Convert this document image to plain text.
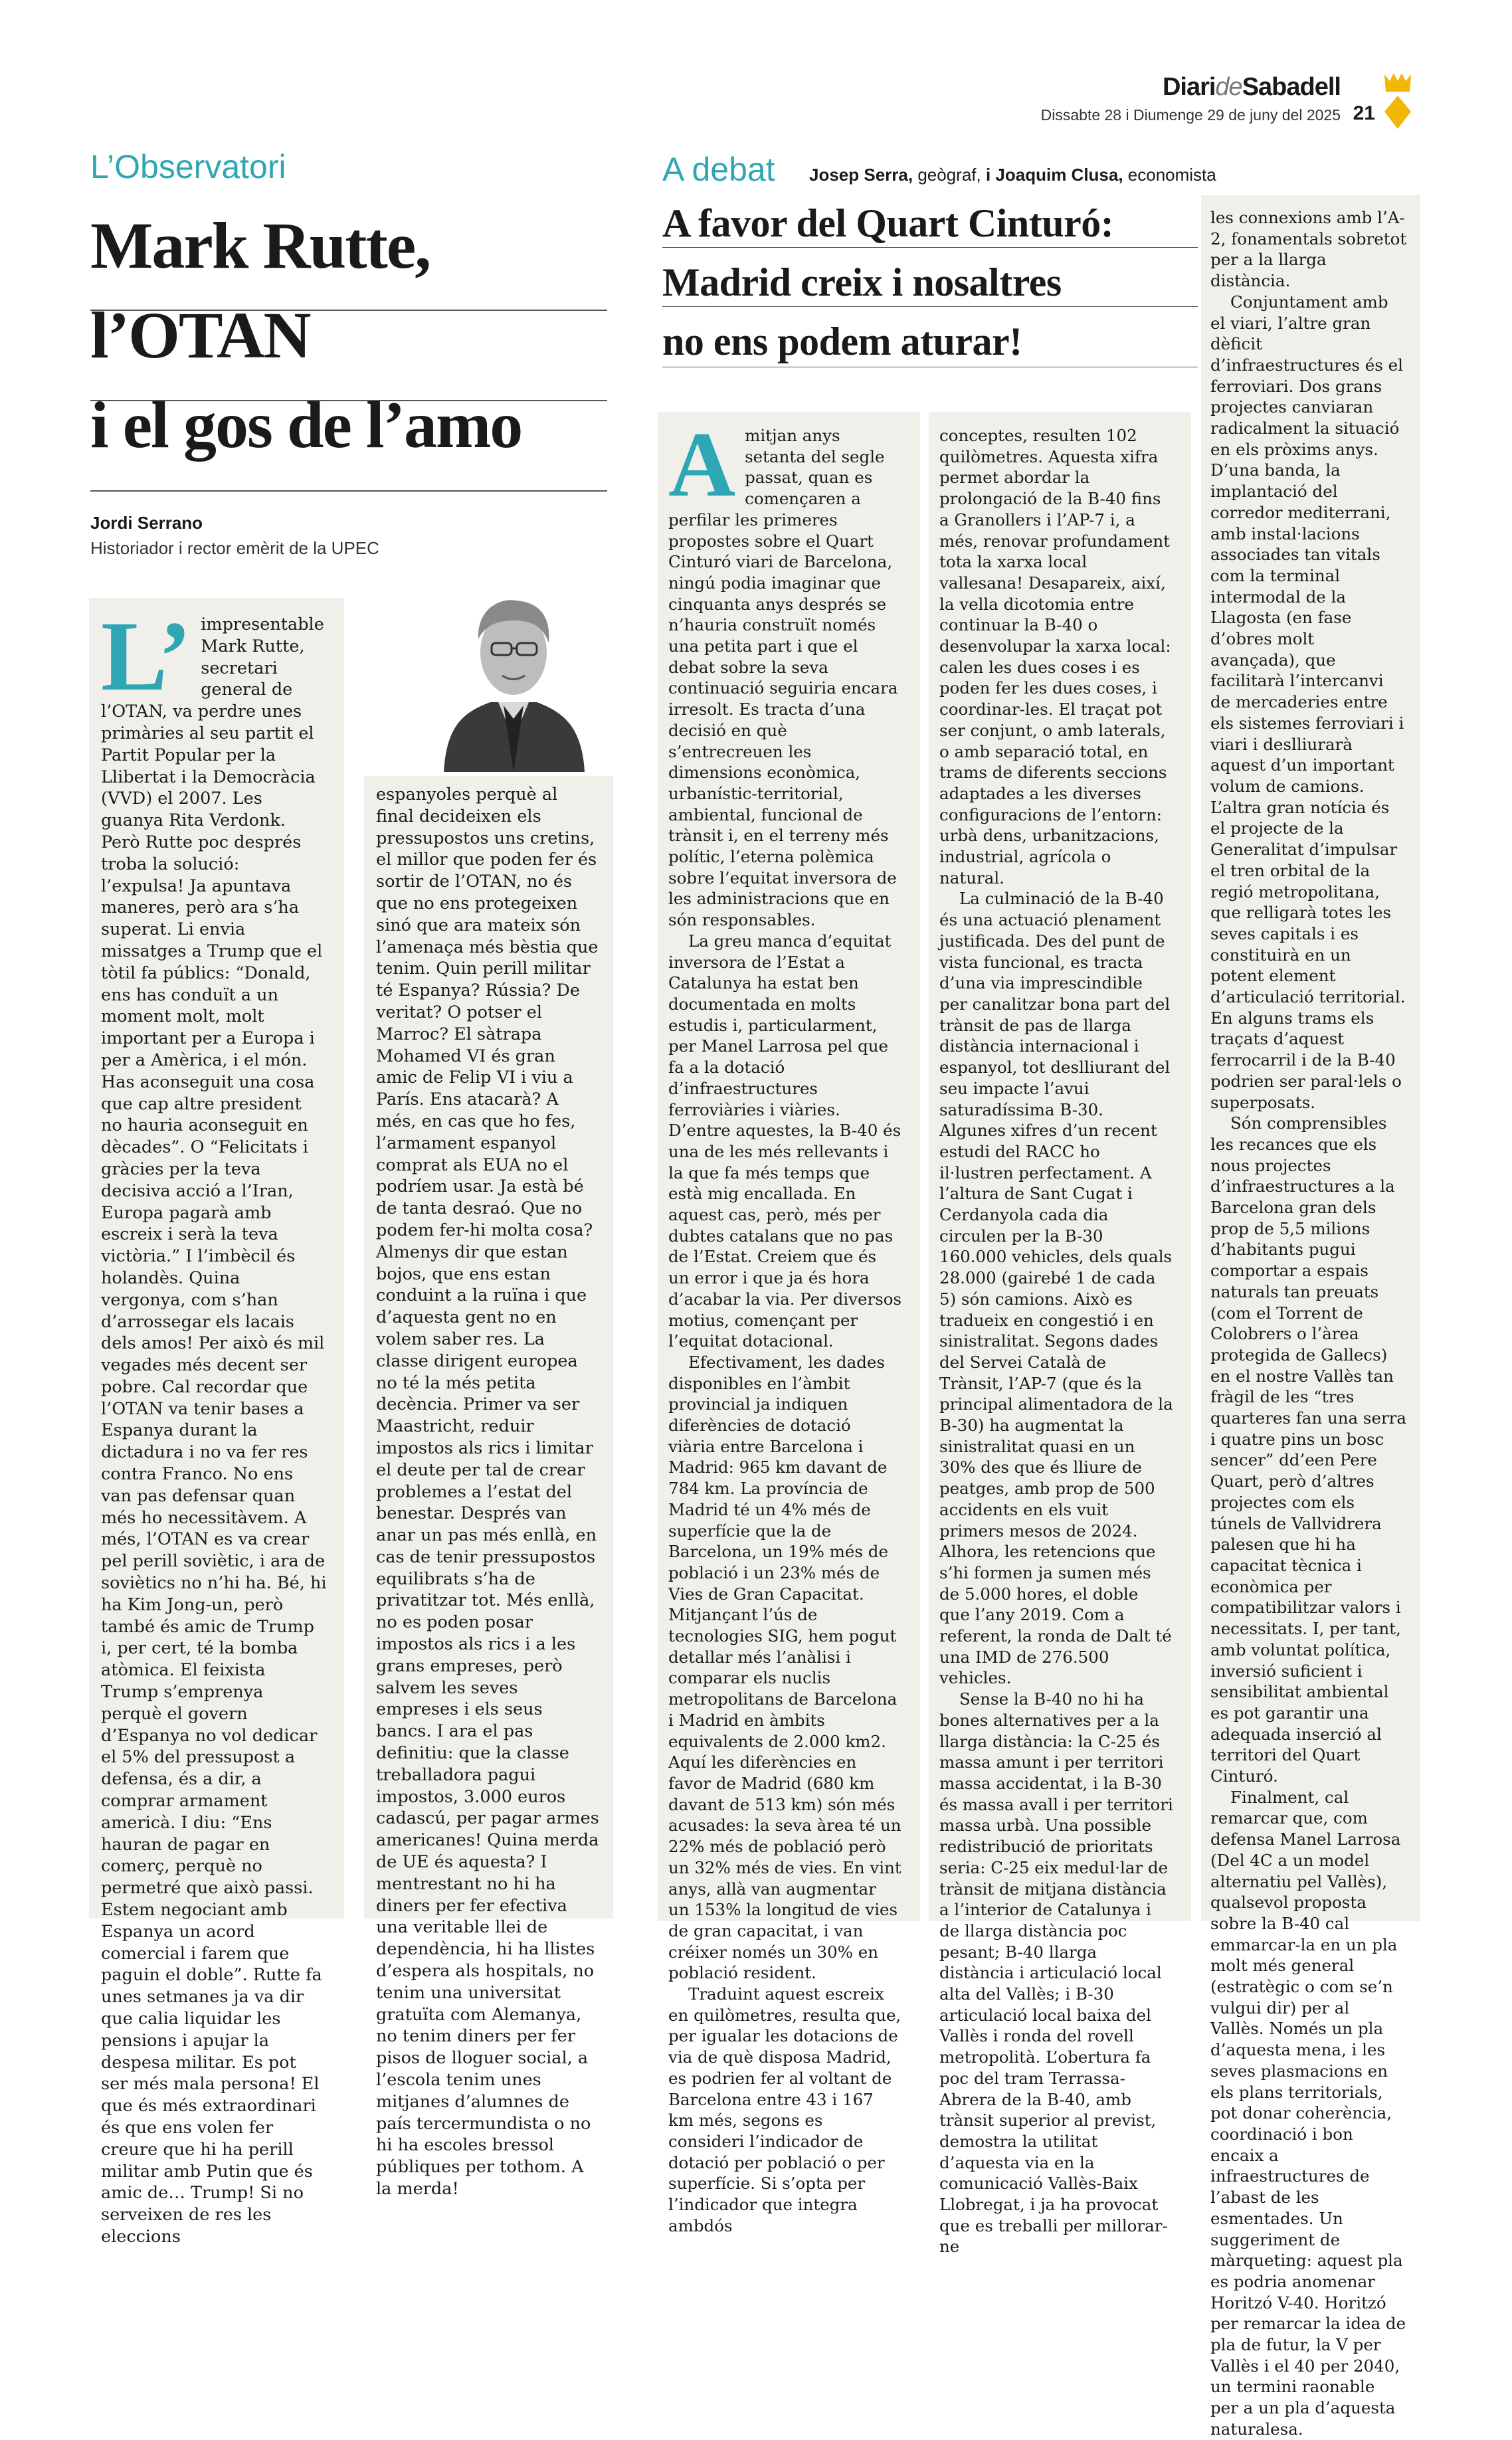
DiarideSabadell
Dissabte 28 i Diumenge 29 de juny del 2025 21
L’Observatori
Mark Rutte,
l’OTAN
i el gos de l’amo
Jordi Serrano
Historiador i rector emèrit de la UPEC

L’ impresentable Mark Rutte, secretari general de l’OTAN, va perdre unes primàries al seu partit el Partit Popular per la Llibertat i la Democràcia (VVD) el 2007. Les guanya Rita Verdonk. Però Rutte poc després troba la solució: l’expulsa! Ja apuntava maneres, però ara s’ha superat. Li envia missatges a Trump que el tòtil fa públics: “Donald, ens has conduït a un moment molt, molt important per a Europa i per a Amèrica, i el món. Has aconseguit una cosa que cap altre president no hauria aconseguit en dècades”. O “Felicitats i gràcies per la teva decisiva acció a l’Iran, Europa pagarà amb escreix i serà la teva victòria.” I l’imbècil és holandès. Quina vergonya, com s’han d’arrossegar els lacais dels amos! Per això és mil vegades més decent ser pobre. Cal recordar que l’OTAN va tenir bases a Espanya durant la dictadura i no va fer res contra Franco. No ens van pas defensar quan més ho necessitàvem. A més, l’OTAN es va crear pel perill soviètic, i ara de soviètics no n’hi ha. Bé, hi ha Kim Jong-un, però també és amic de Trump i, per cert, té la bomba atòmica. El feixista Trump s’emprenya perquè el govern d’Espanya no vol dedicar el 5% del pressupost a defensa, és a dir, a comprar armament americà. I diu: “Ens hauran de pagar en comerç, perquè no permetré que això passi. Estem negociant amb Espanya un acord comercial i farem que paguin el doble”. Rutte fa unes setmanes ja va dir que calia liquidar les pensions i apujar la despesa militar. Es pot ser més mala persona! El que és més extraordinari és que ens volen fer creure que hi ha perill militar amb Putin que és amic de… Trump! Si no serveixen de res les eleccions

espanyoles perquè al final decideixen els pressupostos uns cretins, el millor que poden fer és sortir de l’OTAN, no és que no ens protegeixen sinó que ara mateix són l’amenaça més bèstia que tenim. Quin perill militar té Espanya? Rússia? De veritat? O potser el Marroc? El sàtrapa Mohamed VI és gran amic de Felip VI i viu a París. Ens atacarà? A més, en cas que ho fes, l’armament espanyol comprat als EUA no el podríem usar. Ja està bé de tanta desraó. Que no podem fer-hi molta cosa? Almenys dir que estan bojos, que ens estan conduint a la ruïna i que d’aquesta gent no en volem saber res. La classe dirigent europea no té la més petita decència. Primer va ser Maastricht, reduir impostos als rics i limitar el deute per tal de crear problemes a l’estat del benestar. Després van anar un pas més enllà, en cas de tenir pressupostos equilibrats s’ha de privatitzar tot. Més enllà, no es poden posar impostos als rics i a les grans empreses, però salvem les seves empreses i els seus bancs. I ara el pas definitiu: que la classe treballadora pagui impostos, 3.000 euros cadascú, per pagar armes americanes! Quina merda de UE és aquesta? I mentrestant no hi ha diners per fer efectiva una veritable llei de dependència, hi ha llistes d’espera als hospitals, no tenim una universitat gratuïta com Alemanya, no tenim diners per fer pisos de lloguer social, a l’escola tenim unes mitjanes d’alumnes de país tercermundista o no hi ha escoles bressol públiques per tothom. A la merda!

A debat Josep Serra, geògraf, i Joaquim Clusa, economista
A favor del Quart Cinturó:
Madrid creix i nosaltres
no ens podem aturar!

Amitjan anys setanta del segle passat, quan es començaren a perfilar les primeres propostes sobre el Quart Cinturó viari de Barcelona, ningú podia imaginar que cinquanta anys després se n’hauria construït només una petita part i que el debat sobre la seva continuació seguiria encara irresolt. Es tracta d’una decisió en què s’entrecreuen les dimensions econòmica, urbanístic-territorial, ambiental, funcional de trànsit i, en el terreny més polític, l’eterna polèmica sobre l’equitat inversora de les administracions que en són responsables.

La greu manca d’equitat inversora de l’Estat a Catalunya ha estat ben documentada en molts estudis i, particularment, per Manel Larrosa pel que fa a la dotació d’infraestructures ferroviàries i viàries. D’entre aquestes, la B-40 és una de les més rellevants i la que fa més temps que està mig encallada. En aquest cas, però, més per dubtes catalans que no pas de l’Estat. Creiem que és un error i que ja és hora d’acabar la via. Per diversos motius, començant per l’equitat dotacional.

Efectivament, les dades disponibles en l’àmbit provincial ja indiquen diferències de dotació viària entre Barcelona i Madrid: 965 km davant de 784 km. La província de Madrid té un 4% més de superfície que la de Barcelona, un 19% més de població i un 23% més de Vies de Gran Capacitat. Mitjançant l’ús de tecnologies SIG, hem pogut detallar més l’anàlisi i comparar els nuclis metropolitans de Barcelona i Madrid en àmbits equivalents de 2.000 km2. Aquí les diferències en favor de Madrid (680 km davant de 513 km) són més acusades: la seva àrea té un 22% més de població però un 32% més de vies. En vint anys, allà van augmentar un 153% la longitud de vies de gran capacitat, i van créixer només un 30% en població resident.

Traduint aquest escreix en quilòmetres, resulta que, per igualar les dotacions de via de què disposa Madrid, es podrien fer al voltant de Barcelona entre 43 i 167 km més, segons es consideri l’indicador de dotació per població o per superfície. Si s’opta per l’indicador que integra ambdós

conceptes, resulten 102 quilòmetres. Aquesta xifra permet abordar la prolongació de la B-40 fins a Granollers i l’AP-7 i, a més, renovar profundament tota la xarxa local vallesana! Desapareix, així, la vella dicotomia entre continuar la B-40 o desenvolupar la xarxa local: calen les dues coses i es poden fer les dues coses, i coordinar-les. El traçat pot ser conjunt, o amb laterals, o amb separació total, en trams de diferents seccions adaptades a les diverses configuracions de l’entorn: urbà dens, urbanitzacions, industrial, agrícola o natural.

La culminació de la B-40 és una actuació plenament justificada. Des del punt de vista funcional, es tracta d’una via imprescindible per canalitzar bona part del trànsit de pas de llarga distància internacional i espanyol, tot deslliurant del seu impacte l’avui saturadíssima B-30. Algunes xifres d’un recent estudi del RACC ho il·lustren perfectament. A l’altura de Sant Cugat i Cerdanyola cada dia circulen per la B-30 160.000 vehicles, dels quals 28.000 (gairebé 1 de cada 5) són camions. Això es tradueix en congestió i en sinistralitat. Segons dades del Servei Català de Trànsit, l’AP-7 (que és la principal alimentadora de la B-30) ha augmentat la sinistralitat quasi en un 30% des que és lliure de peatges, amb prop de 500 accidents en els vuit primers mesos de 2024. Alhora, les retencions que s’hi formen ja sumen més de 5.000 hores, el doble que l’any 2019. Com a referent, la ronda de Dalt té una IMD de 276.500 vehicles.

Sense la B-40 no hi ha bones alternatives per a la llarga distància: la C-25 és massa amunt i per territori massa accidentat, i la B-30 és massa avall i per territori massa urbà. Una possible redistribució de prioritats seria: C-25 eix medul·lar de trànsit de mitjana distància a l’interior de Catalunya i de llarga distància poc pesant; B-40 llarga distància i articulació local alta del Vallès; i B-30 articulació local baixa del Vallès i ronda del rovell metropolità. L’obertura fa poc del tram Terrassa-Abrera de la B-40, amb trànsit superior al previst, demostra la utilitat d’aquesta via en la comunicació Vallès-Baix Llobregat, i ja ha provocat que es treballi per millorar-ne

les connexions amb l’A-2, fonamentals sobretot per a la llarga distància.

Conjuntament amb el viari, l’altre gran dèficit d’infraestructures és el ferroviari. Dos grans projectes canviaran radicalment la situació en els pròxims anys. D’una banda, la implantació del corredor mediterrani, amb instal·lacions associades tan vitals com la terminal intermodal de la Llagosta (en fase d’obres molt avançada), que facilitarà l’intercanvi de mercaderies entre els sistemes ferroviari i viari i deslliurarà aquest d’un important volum de camions. L’altra gran notícia és el projecte de la Generalitat d’impulsar el tren orbital de la regió metropolitana, que relligarà totes les seves capitals i es constituirà en un potent element d’articulació territorial. En alguns trams els traçats d’aquest ferrocarril i de la B-40 podrien ser paral·lels o superposats.

Són comprensibles les recances que els nous projectes d’infraestructures a la Barcelona gran dels prop de 5,5 milions d’habitants pugui comportar a espais naturals tan preuats (com el Torrent de Colobrers o l’àrea protegida de Gallecs) en el nostre Vallès tan fràgil de les “tres quarteres fan una serra i quatre pins un bosc sencer” dd’een Pere Quart, però d’altres projectes com els túnels de Vallvidrera palesen que hi ha capacitat tècnica i econòmica per compatibilitzar valors i necessitats. I, per tant, amb voluntat política, inversió suficient i sensibilitat ambiental es pot garantir una adequada inserció al territori del Quart Cinturó.

Finalment, cal remarcar que, com defensa Manel Larrosa (Del 4C a un model alternatiu pel Vallès), qualsevol proposta sobre la B-40 cal emmarcar-la en un pla molt més general (estratègic o com se’n vulgui dir) per al Vallès. Només un pla d’aquesta mena, i les seves plasmacions en els plans territorials, pot donar coherència, coordinació i bon encaix a infraestructures de l’abast de les esmentades. Un suggeriment de màrqueting: aquest pla es podria anomenar Horitzó V-40. Horitzó per remarcar la idea de pla de futur, la V per Vallès i el 40 per 2040, un termini raonable per a un pla d’aquesta naturalesa.
